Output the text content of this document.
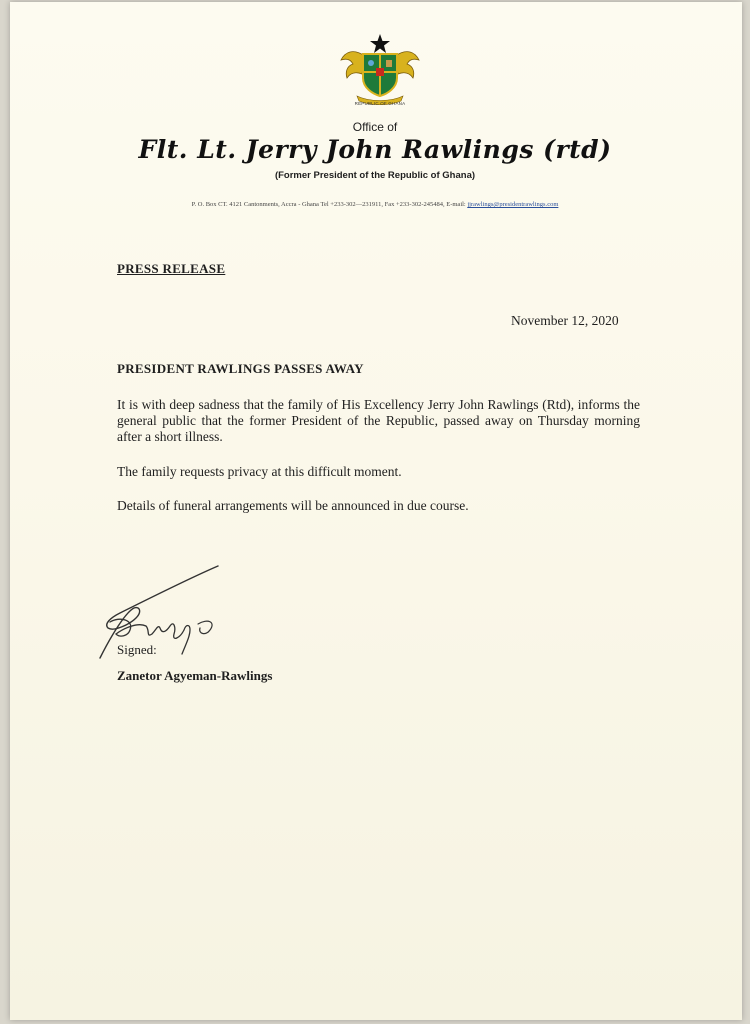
REPUBLIC OF GHANA
Office of
Flt. Lt. Jerry John Rawlings (rtd)
(Former President of the Republic of Ghana)
P. O. Box CT. 4121 Cantonments, Accra - Ghana Tel +233-302—231911, Fax +233-302-245484, E-mail: jjrawlings@presidentrawlings.com
PRESS RELEASE
November 12, 2020
PRESIDENT RAWLINGS PASSES AWAY
It is with deep sadness that the family of His Excellency Jerry John Rawlings (Rtd), informs the general public that the former President of the Republic, passed away on Thursday morning after a short illness.
The family requests privacy at this difficult moment.
Details of funeral arrangements will be announced in due course.
Signed:
Zanetor Agyeman-Rawlings
